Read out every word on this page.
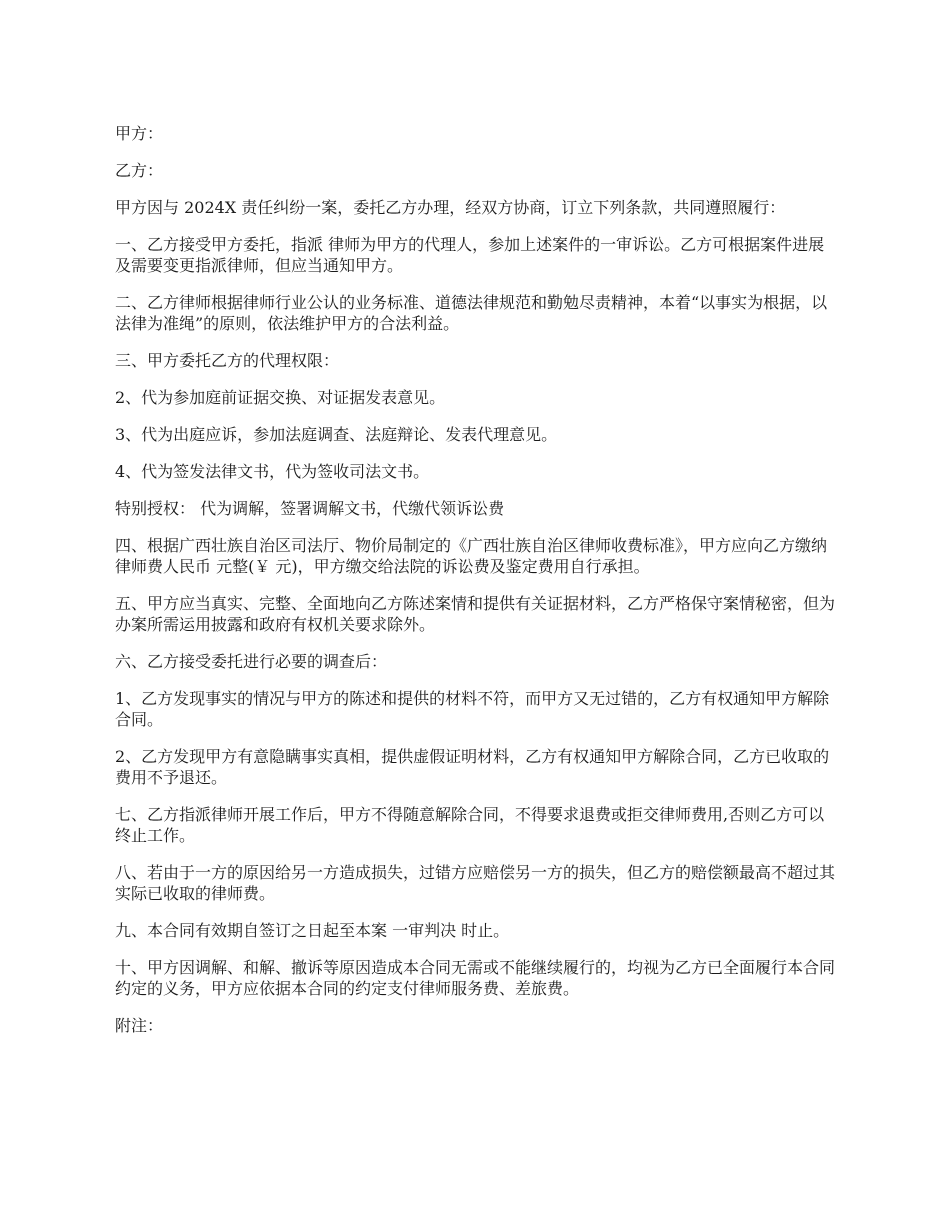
甲方：

乙方：

甲方因与 2024X 责任纠纷一案，委托乙方办理，经双方协商，订立下列条款，共同遵照履行：

一、乙方接受甲方委托，指派 律师为甲方的代理人，参加上述案件的一审诉讼。乙方可根据案件进展及需要变更指派律师，但应当通知甲方。

二、乙方律师根据律师行业公认的业务标准、道德法律规范和勤勉尽责精神，本着“以事实为根据，以法律为准绳”的原则，依法维护甲方的合法利益。

三、甲方委托乙方的代理权限：

2、代为参加庭前证据交换、对证据发表意见。

3、代为出庭应诉，参加法庭调查、法庭辩论、发表代理意见。

4、代为签发法律文书，代为签收司法文书。

特别授权： 代为调解，签署调解文书，代缴代领诉讼费

四、根据广西壮族自治区司法厅、物价局制定的《广西壮族自治区律师收费标准》，甲方应向乙方缴纳律师费人民币 元整(￥ 元)，甲方缴交给法院的诉讼费及鉴定费用自行承担。

五、甲方应当真实、完整、全面地向乙方陈述案情和提供有关证据材料，乙方严格保守案情秘密，但为办案所需运用披露和政府有权机关要求除外。

六、乙方接受委托进行必要的调查后：

1、乙方发现事实的情况与甲方的陈述和提供的材料不符，而甲方又无过错的，乙方有权通知甲方解除合同。

2、乙方发现甲方有意隐瞒事实真相，提供虚假证明材料，乙方有权通知甲方解除合同，乙方已收取的费用不予退还。

七、乙方指派律师开展工作后，甲方不得随意解除合同，不得要求退费或拒交律师费用,否则乙方可以终止工作。

八、若由于一方的原因给另一方造成损失，过错方应赔偿另一方的损失，但乙方的赔偿额最高不超过其实际已收取的律师费。

九、本合同有效期自签订之日起至本案 一审判决 时止。

十、甲方因调解、和解、撤诉等原因造成本合同无需或不能继续履行的，均视为乙方已全面履行本合同约定的义务，甲方应依据本合同的约定支付律师服务费、差旅费。

附注：
